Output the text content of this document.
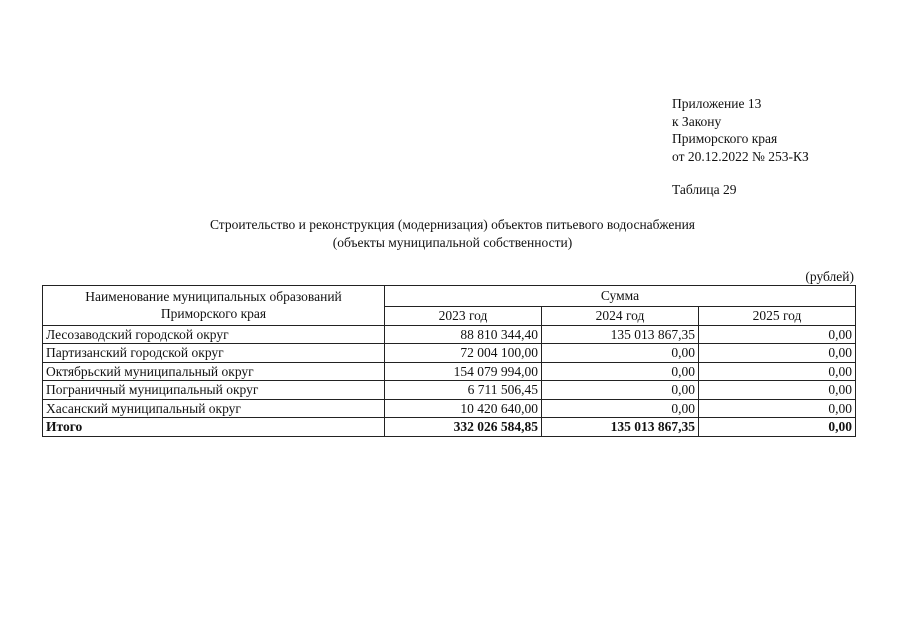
Приложение 13
к Закону
Приморского края
от 20.12.2022 № 253-КЗ
Таблица 29
Строительство и реконструкция (модернизация) объектов питьевого водоснабжения
(объекты муниципальной собственности)
(рублей)
Наименование муниципальных образований
Приморского края	Сумма		
	2023 год	2024 год	2025 год
Лесозаводский городской округ	88 810 344,40	135 013 867,35	0,00
Партизанский городской округ	72 004 100,00	0,00	0,00
Октябрьский муниципальный округ	154 079 994,00	0,00	0,00
Пограничный муниципальный округ	6 711 506,45	0,00	0,00
Хасанский муниципальный округ	10 420 640,00	0,00	0,00
Итого	332 026 584,85	135 013 867,35	0,00
